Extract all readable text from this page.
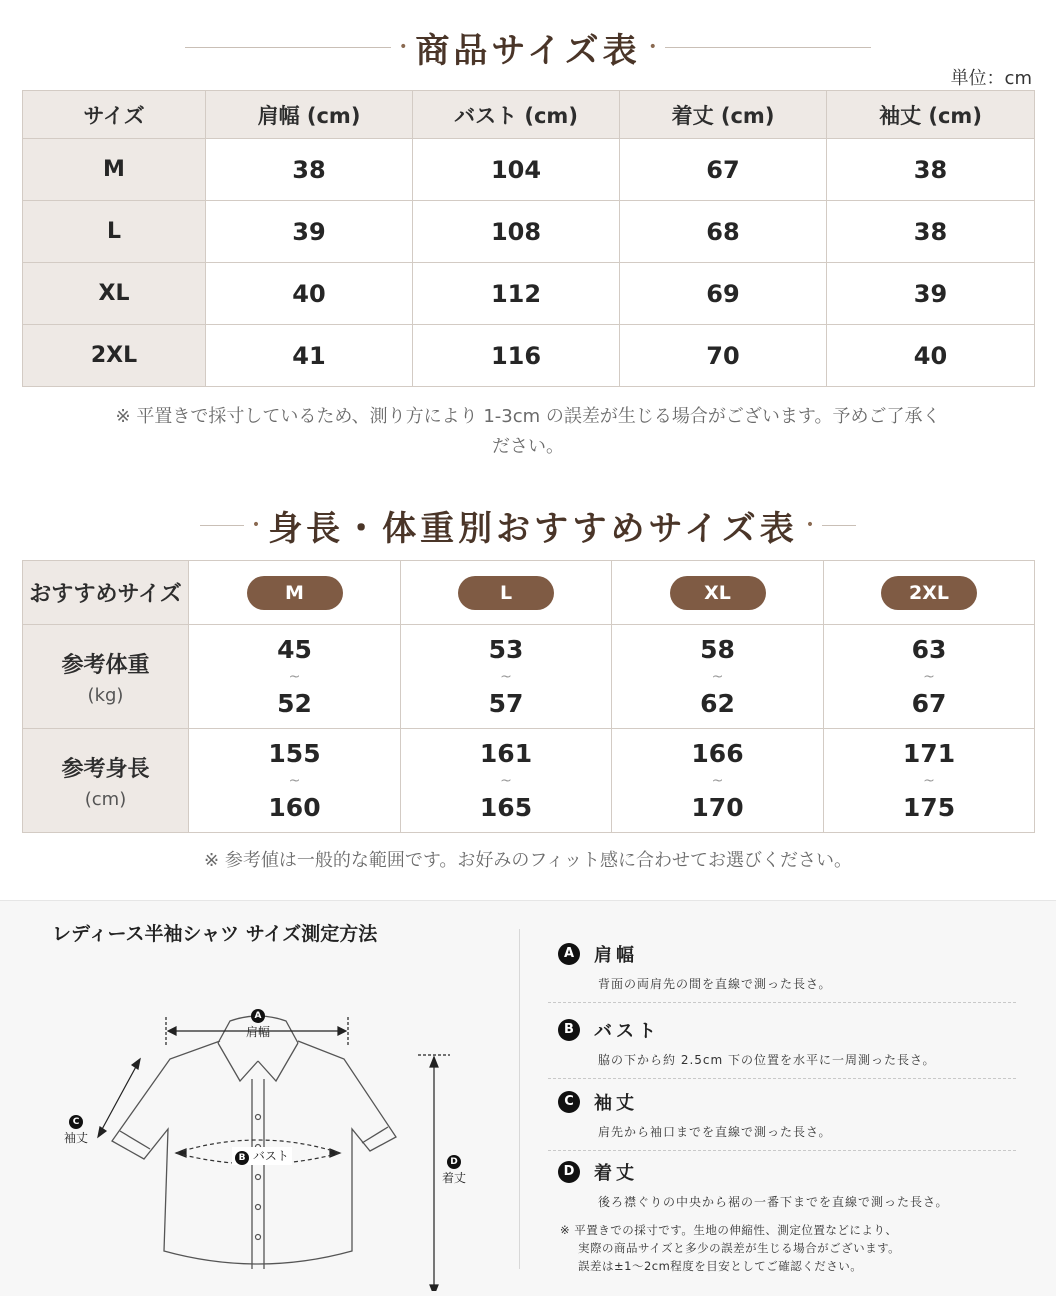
• 商品サイズ表 •
単位：cm
サイズ	肩幅 (cm)	バスト (cm)	着丈 (cm)	袖丈 (cm)
M	38	104	67	38
L	39	108	68	38
XL	40	112	69	39
2XL	41	116	70	40
※ 平置きで採寸しているため、測り方により 1-3cm の誤差が生じる場合がございます。予めご了承く
ださい。
• 身長・体重別おすすめサイズ表 •
おすすめサイズ	M	L	XL	2XL
参考体重
(kg)	45
~
52	53
~
57	58
~
62	63
~
67

参考身長
(cm)	155
~
160	161
~
165	166
~
170	171
~
175
※ 参考値は一般的な範囲です。お好みのフィット感に合わせてお選びください。
レディース半袖シャツ サイズ測定方法
A
肩幅
B バスト
C
袖丈
D
着丈
A	肩幅
背面の両肩先の間を直線で測った長さ。
B	バスト
脇の下から約 2.5cm 下の位置を水平に一周測った長さ。
C	袖丈
肩先から袖口までを直線で測った長さ。
D	着丈
後ろ襟ぐりの中央から裾の一番下までを直線で測った長さ。
※ 平置きでの採寸です。生地の伸縮性、測定位置などにより、
実際の商品サイズと多少の誤差が生じる場合がございます。
誤差は±1〜2cm程度を目安としてご確認ください。
